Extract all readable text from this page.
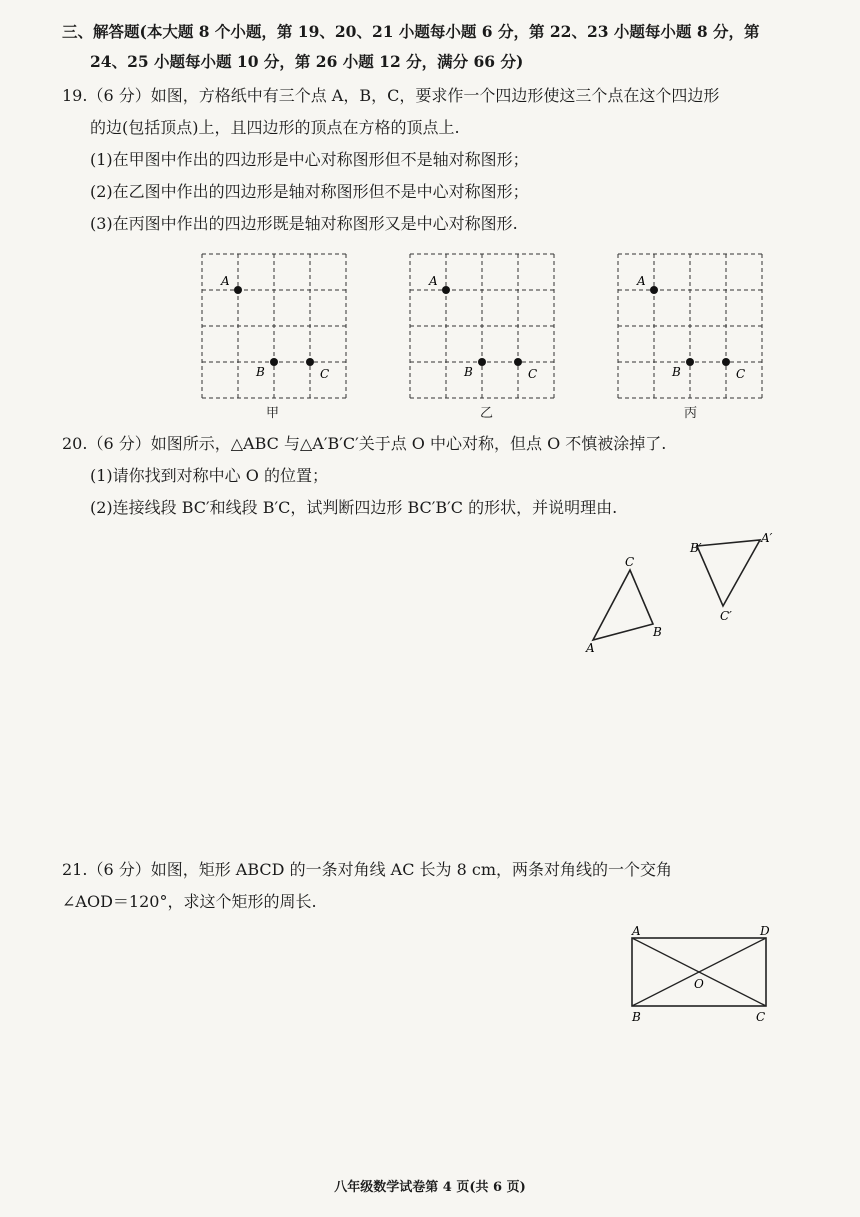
三、解答题(本大题 8 个小题，第 19、20、21 小题每小题 6 分，第 22、23 小题每小题 8 分，第
24、25 小题每小题 10 分，第 26 小题 12 分，满分 66 分)
19.（6 分）如图，方格纸中有三个点 A，B，C，要求作一个四边形使这三个点在这个四边形
的边(包括顶点)上，且四边形的顶点在方格的顶点上.
(1)在甲图中作出的四边形是中心对称图形但不是轴对称图形；
(2)在乙图中作出的四边形是轴对称图形但不是中心对称图形；
(3)在丙图中作出的四边形既是轴对称图形又是中心对称图形.
A
B	C
甲
A
B	C
乙
A
B	C
丙
20.（6 分）如图所示，△ABC 与△A′B′C′关于点 O 中心对称，但点 O 不慎被涂掉了.
(1)请你找到对称中心 O 的位置；
(2)连接线段 BC′和线段 B′C，试判断四边形 BC′B′C 的形状，并说明理由.
A
B
C
A′
B′
C′
21.（6 分）如图，矩形 ABCD 的一条对角线 AC 长为 8 cm，两条对角线的一个交角
∠AOD＝120°，求这个矩形的周长.
A	D
B	C
O
八年级数学试卷第 4 页(共 6 页)
